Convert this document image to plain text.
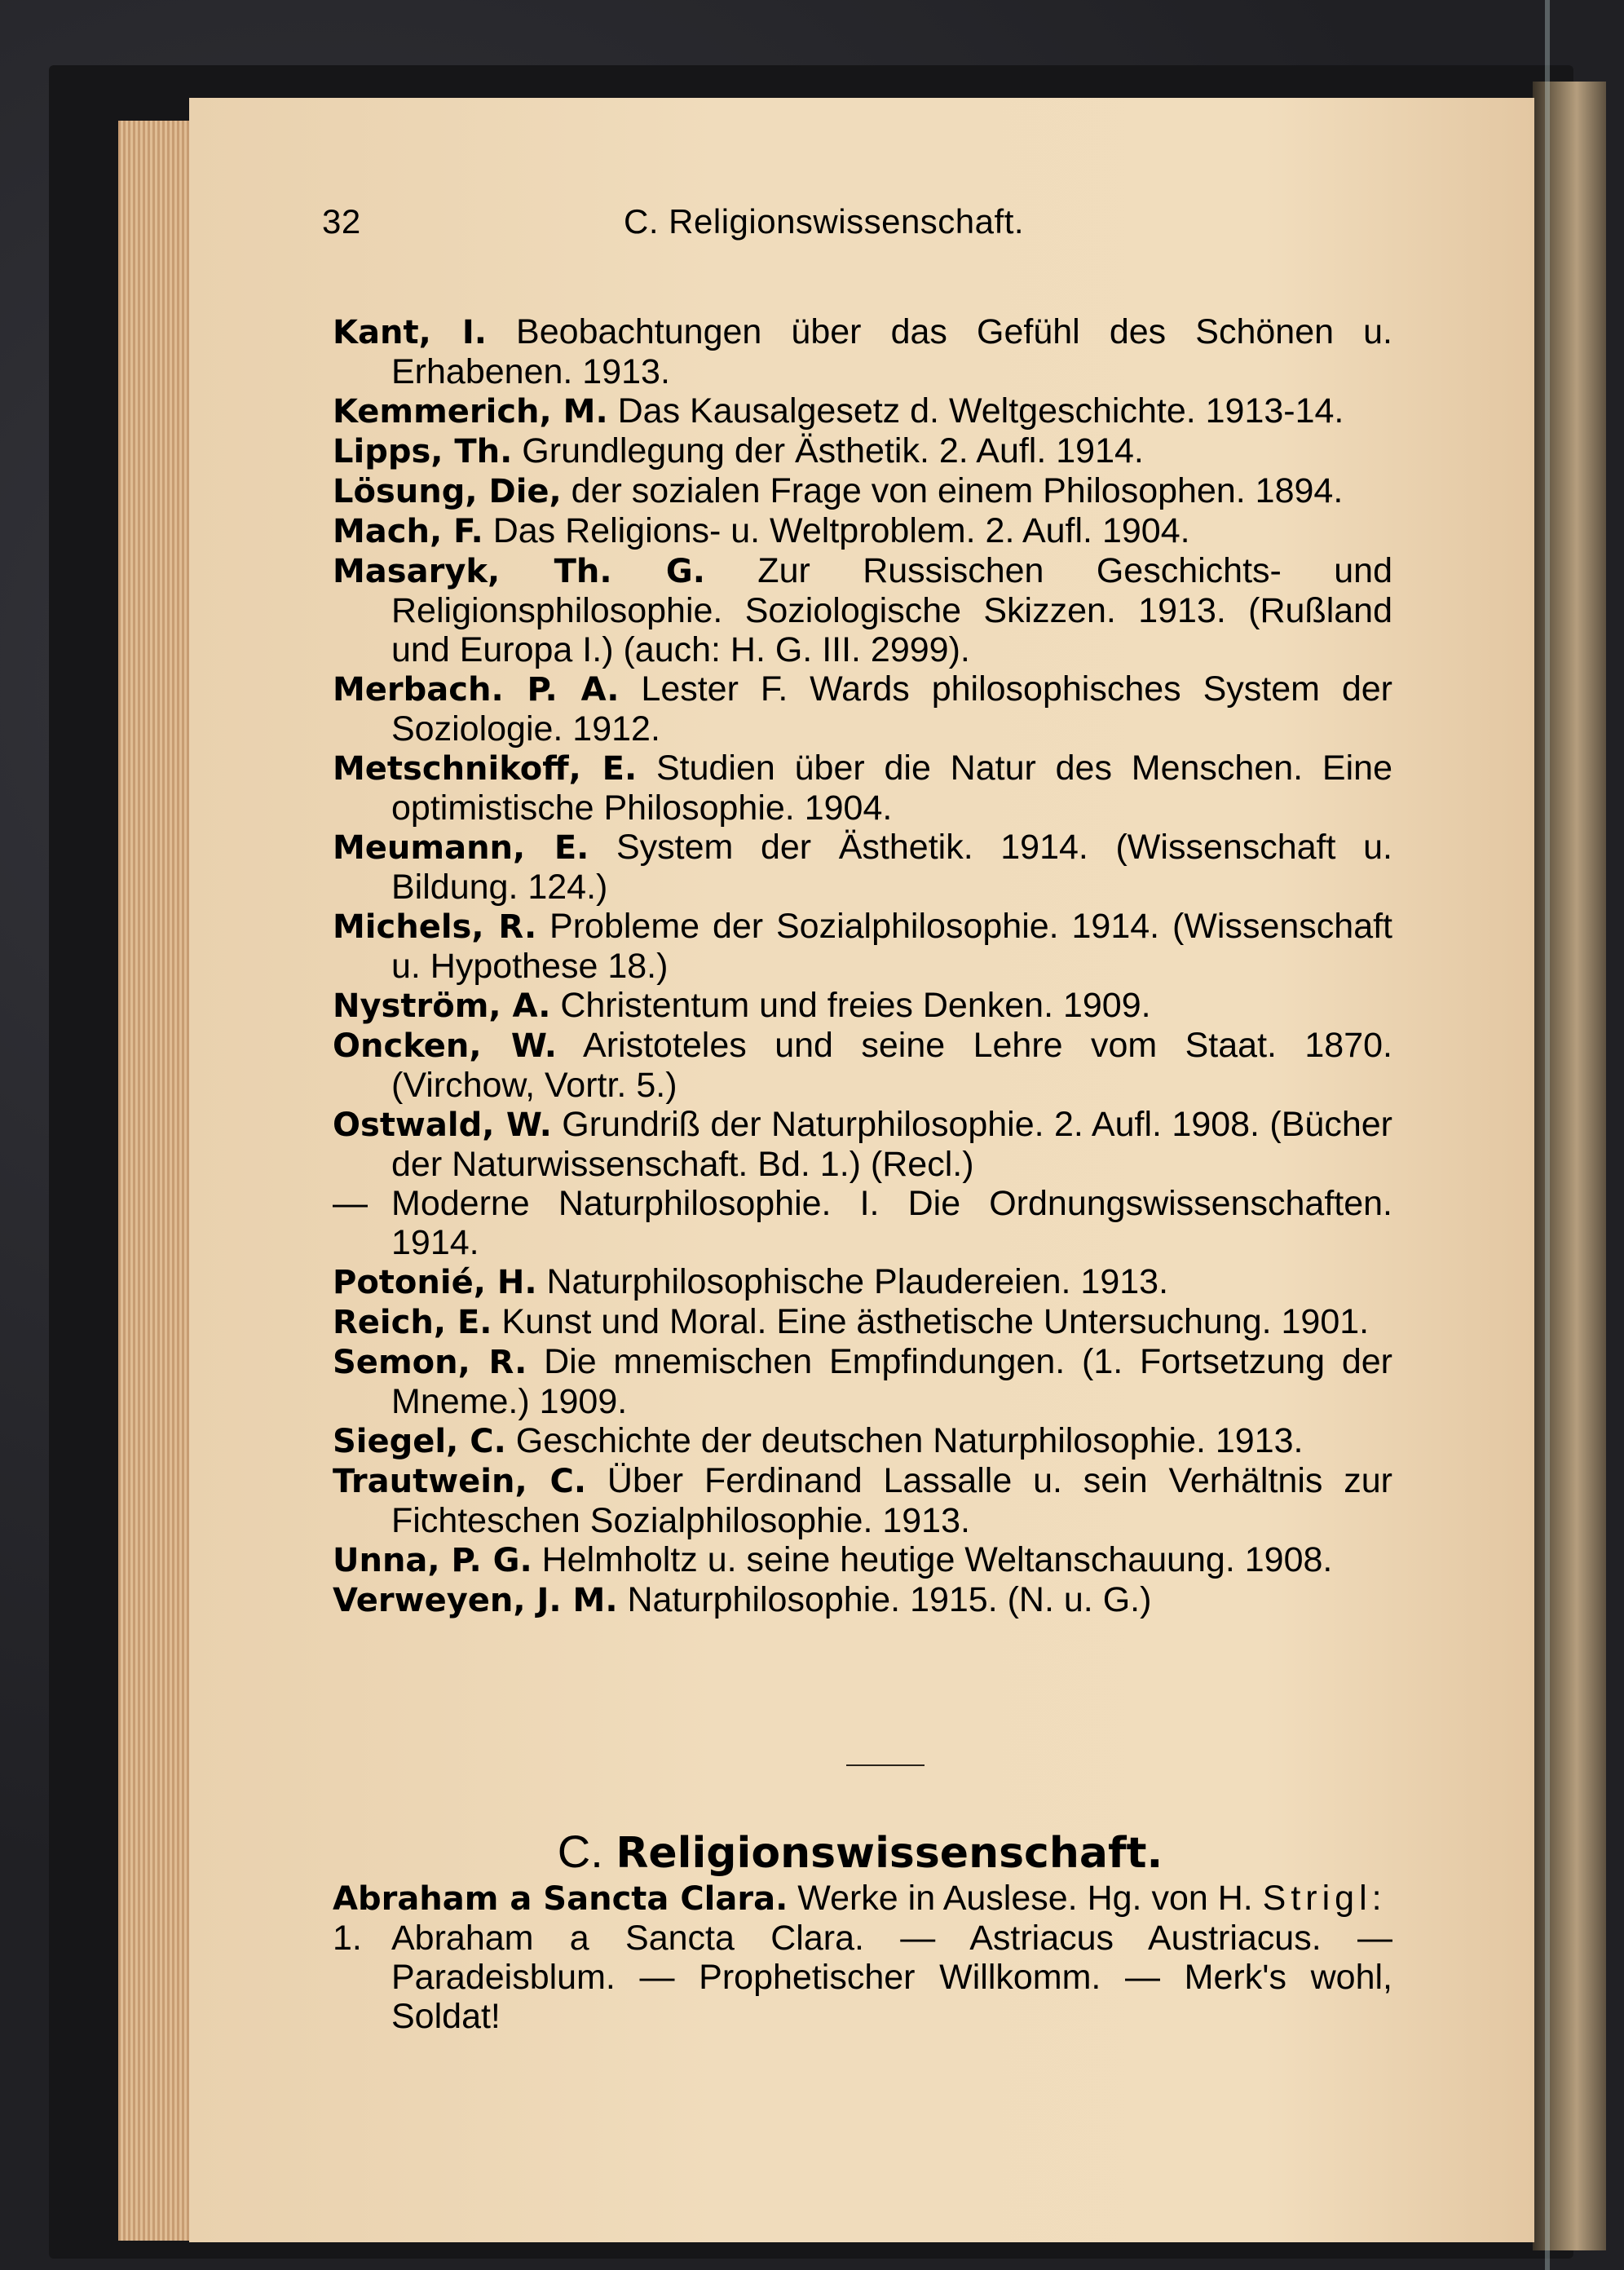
32	C. Religionswissenschaft.

Kant, I. Beobachtungen über das Gefühl des Schönen u. Erhabenen. 1913.

Kemmerich, M. Das Kausalgesetz d. Weltgeschichte. 1913-14.

Lipps, Th. Grundlegung der Ästhetik. 2. Aufl. 1914.

Lösung, Die, der sozialen Frage von einem Philosophen. 1894.

Mach, F. Das Religions- u. Weltproblem. 2. Aufl. 1904.

Masaryk, Th. G. Zur Russischen Geschichts- und Religionsphilosophie. Soziologische Skizzen. 1913. (Rußland und Europa I.) (auch: H. G. III. 2999).

Merbach. P. A. Lester F. Wards philosophisches System der Soziologie. 1912.

Metschnikoff, E. Studien über die Natur des Menschen. Eine optimistische Philosophie. 1904.

Meumann, E. System der Ästhetik. 1914. (Wissenschaft u. Bildung. 124.)

Michels, R. Probleme der Sozialphilosophie. 1914. (Wissenschaft u. Hypothese 18.)

Nyström, A. Christentum und freies Denken. 1909.

Oncken, W. Aristoteles und seine Lehre vom Staat. 1870. (Virchow, Vortr. 5.)

Ostwald, W. Grundriß der Naturphilosophie. 2. Aufl. 1908. (Bücher der Naturwissenschaft. Bd. 1.) (Recl.)

— Moderne Naturphilosophie. I. Die Ordnungswissenschaften. 1914.

Potonié, H. Naturphilosophische Plaudereien. 1913.

Reich, E. Kunst und Moral. Eine ästhetische Untersuchung. 1901.

Semon, R. Die mnemischen Empfindungen. (1. Fortsetzung der Mneme.) 1909.

Siegel, C. Geschichte der deutschen Naturphilosophie. 1913.

Trautwein, C. Über Ferdinand Lassalle u. sein Verhältnis zur Fichteschen Sozialphilosophie. 1913.

Unna, P. G. Helmholtz u. seine heutige Weltanschauung. 1908.

Verweyen, J. M. Naturphilosophie. 1915. (N. u. G.)

C. Religionswissenschaft.

Abraham a Sancta Clara. Werke in Auslese. Hg. von H. Strigl:

1. Abraham a Sancta Clara. — Astriacus Austriacus. — Paradeisblum. — Prophetischer Willkomm. — Merk's wohl, Soldat!
